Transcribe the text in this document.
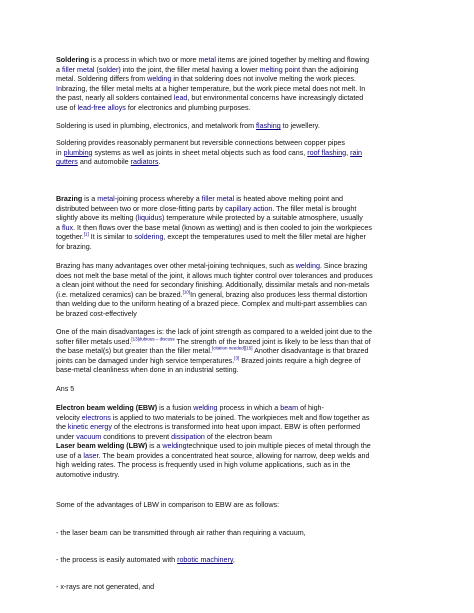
Soldering is a process in which two or more metal items are joined together by melting and flowing
a filler metal (solder) into the joint, the filler metal having a lower melting point than the adjoining
metal. Soldering differs from welding in that soldering does not involve melting the work pieces.
Inbrazing, the filler metal melts at a higher temperature, but the work piece metal does not melt. In
the past, nearly all solders contained lead, but environmental concerns have increasingly dictated
use of lead-free alloys for electronics and plumbing purposes.
Soldering is used in plumbing, electronics, and metalwork from flashing to jewellery.
Soldering provides reasonably permanent but reversible connections between copper pipes
in plumbing systems as well as joints in sheet metal objects such as food cans, roof flashing, rain
gutters and automobile radiators.
Brazing is a metal-joining process whereby a filler metal is heated above melting point and
distributed between two or more close-fitting parts by capillary action. The filler metal is brought
slightly above its melting (liquidus) temperature while protected by a suitable atmosphere, usually
a flux. It then flows over the base metal (known as wetting) and is then cooled to join the workpieces
together.[1] It is similar to soldering, except the temperatures used to melt the filler metal are higher
for brazing.
Brazing has many advantages over other metal-joining techniques, such as welding. Since brazing
does not melt the base metal of the joint, it allows much tighter control over tolerances and produces
a clean joint without the need for secondary finishing. Additionally, dissimilar metals and non-metals
(i.e. metalized ceramics) can be brazed.[10]In general, brazing also produces less thermal distortion
than welding due to the uniform heating of a brazed piece. Complex and multi-part assemblies can
be brazed cost-effectively
One of the main disadvantages is: the lack of joint strength as compared to a welded joint due to the
softer filler metals used.$^{[13]dubious - discuss}$ The strength of the brazed joint is likely to be less than that of
the base metal(s) but greater than the filler metal.[citation needed][15] Another disadvantage is that brazed
joints can be damaged under high service temperatures.[3] Brazed joints require a high degree of
base-metal cleanliness when done in an industrial setting.
Ans 5
Electron beam welding (EBW) is a fusion welding process in which a beam of high-
velocity electrons is applied to two materials to be joined. The workpieces melt and flow together as
the kinetic energy of the electrons is transformed into heat upon impact. EBW is often performed
under vacuum conditions to prevent dissipation of the electron beam
Laser beam welding (LBW) is a weldingtechnique used to join multiple pieces of metal through the
use of a laser. The beam provides a concentrated heat source, allowing for narrow, deep welds and
high welding rates. The process is frequently used in high volume applications, such as in the
automotive industry.
Some of the advantages of LBW in comparison to EBW are as follows:
- the laser beam can be transmitted through air rather than requiring a vacuum,
- the process is easily automated with robotic machinery,
- x-rays are not generated, and
